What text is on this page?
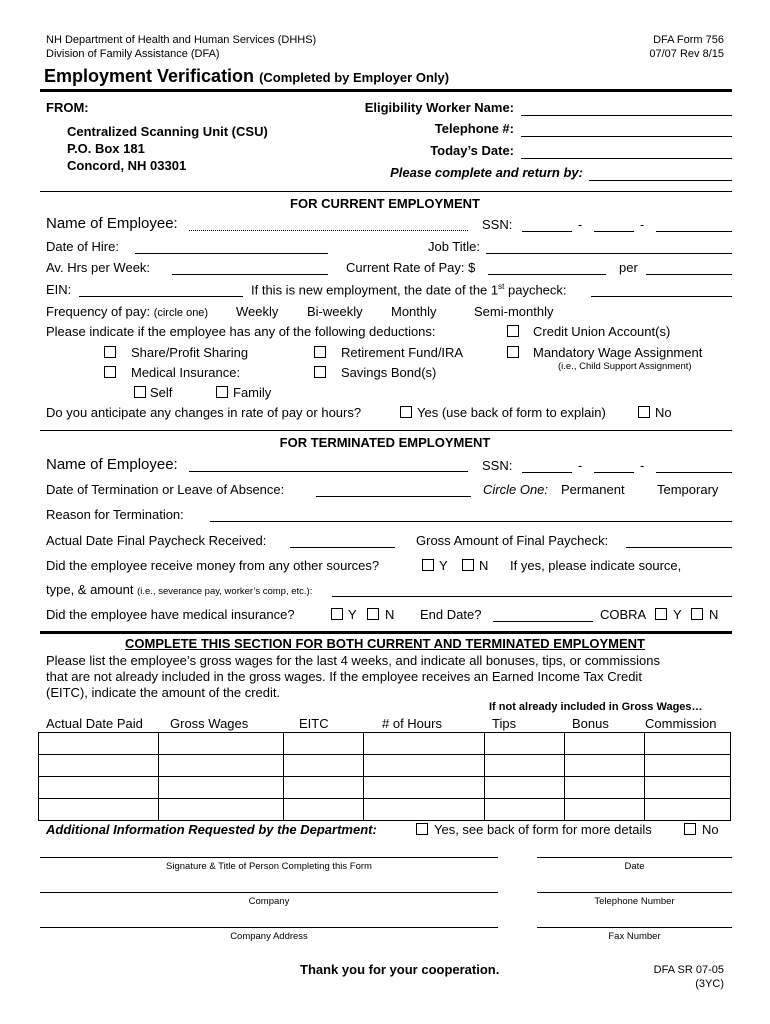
NH Department of Health and Human Services (DHHS)
Division of Family Assistance (DFA)
DFA Form 756
07/07 Rev 8/15
Employment Verification (Completed by Employer Only)
FROM:
Centralized Scanning Unit (CSU)
P.O. Box 181
Concord, NH 03301
Eligibility Worker Name:
Telephone #:
Today’s Date:
Please complete and return by:
FOR CURRENT EMPLOYMENT
Name of Employee:	SSN:	-	-
Date of Hire:	Job Title:
Av. Hrs per Week:	Current Rate of Pay: $	per
EIN:	If this is new employment, the date of the 1st paycheck:
Frequency of pay: (circle one) Weekly Bi-weekly Monthly	Semi-monthly
Please indicate if the employee has any of the following deductions:	Credit Union Account(s)
Share/Profit Sharing	Retirement Fund/IRA	Mandatory Wage Assignment
(i.e., Child Support Assignment)
Medical Insurance:	Savings Bond(s)
Self	Family
Do you anticipate any changes in rate of pay or hours?	Yes (use back of form to explain)	No
FOR TERMINATED EMPLOYMENT
Name of Employee:	SSN:	-	-
Date of Termination or Leave of Absence:	Circle One: Permanent Temporary
Reason for Termination:
Actual Date Final Paycheck Received:	Gross Amount of Final Paycheck:
Did the employee receive money from any other sources?	Y N If yes, please indicate source,
type, & amount (i.e., severance pay, worker’s comp, etc.):
Did the employee have medical insurance?	Y N End Date?	COBRA Y N
COMPLETE THIS SECTION FOR BOTH CURRENT AND TERMINATED EMPLOYMENT
Please list the employee’s gross wages for the last 4 weeks, and indicate all bonuses, tips, or commissions
that are not already included in the gross wages. If the employee receives an Earned Income Tax Credit
(EITC), indicate the amount of the credit.
If not already included in Gross Wages…
Actual Date Paid Gross Wages	EITC	# of Hours	Tips	Bonus	Commission

Additional Information Requested by the Department:	Yes, see back of form for more details	No
Signature & Title of Person Completing this Form	Date
Company	Telephone Number
Company Address	Fax Number
Thank you for your cooperation.	DFA SR 07-05
(3YC)
